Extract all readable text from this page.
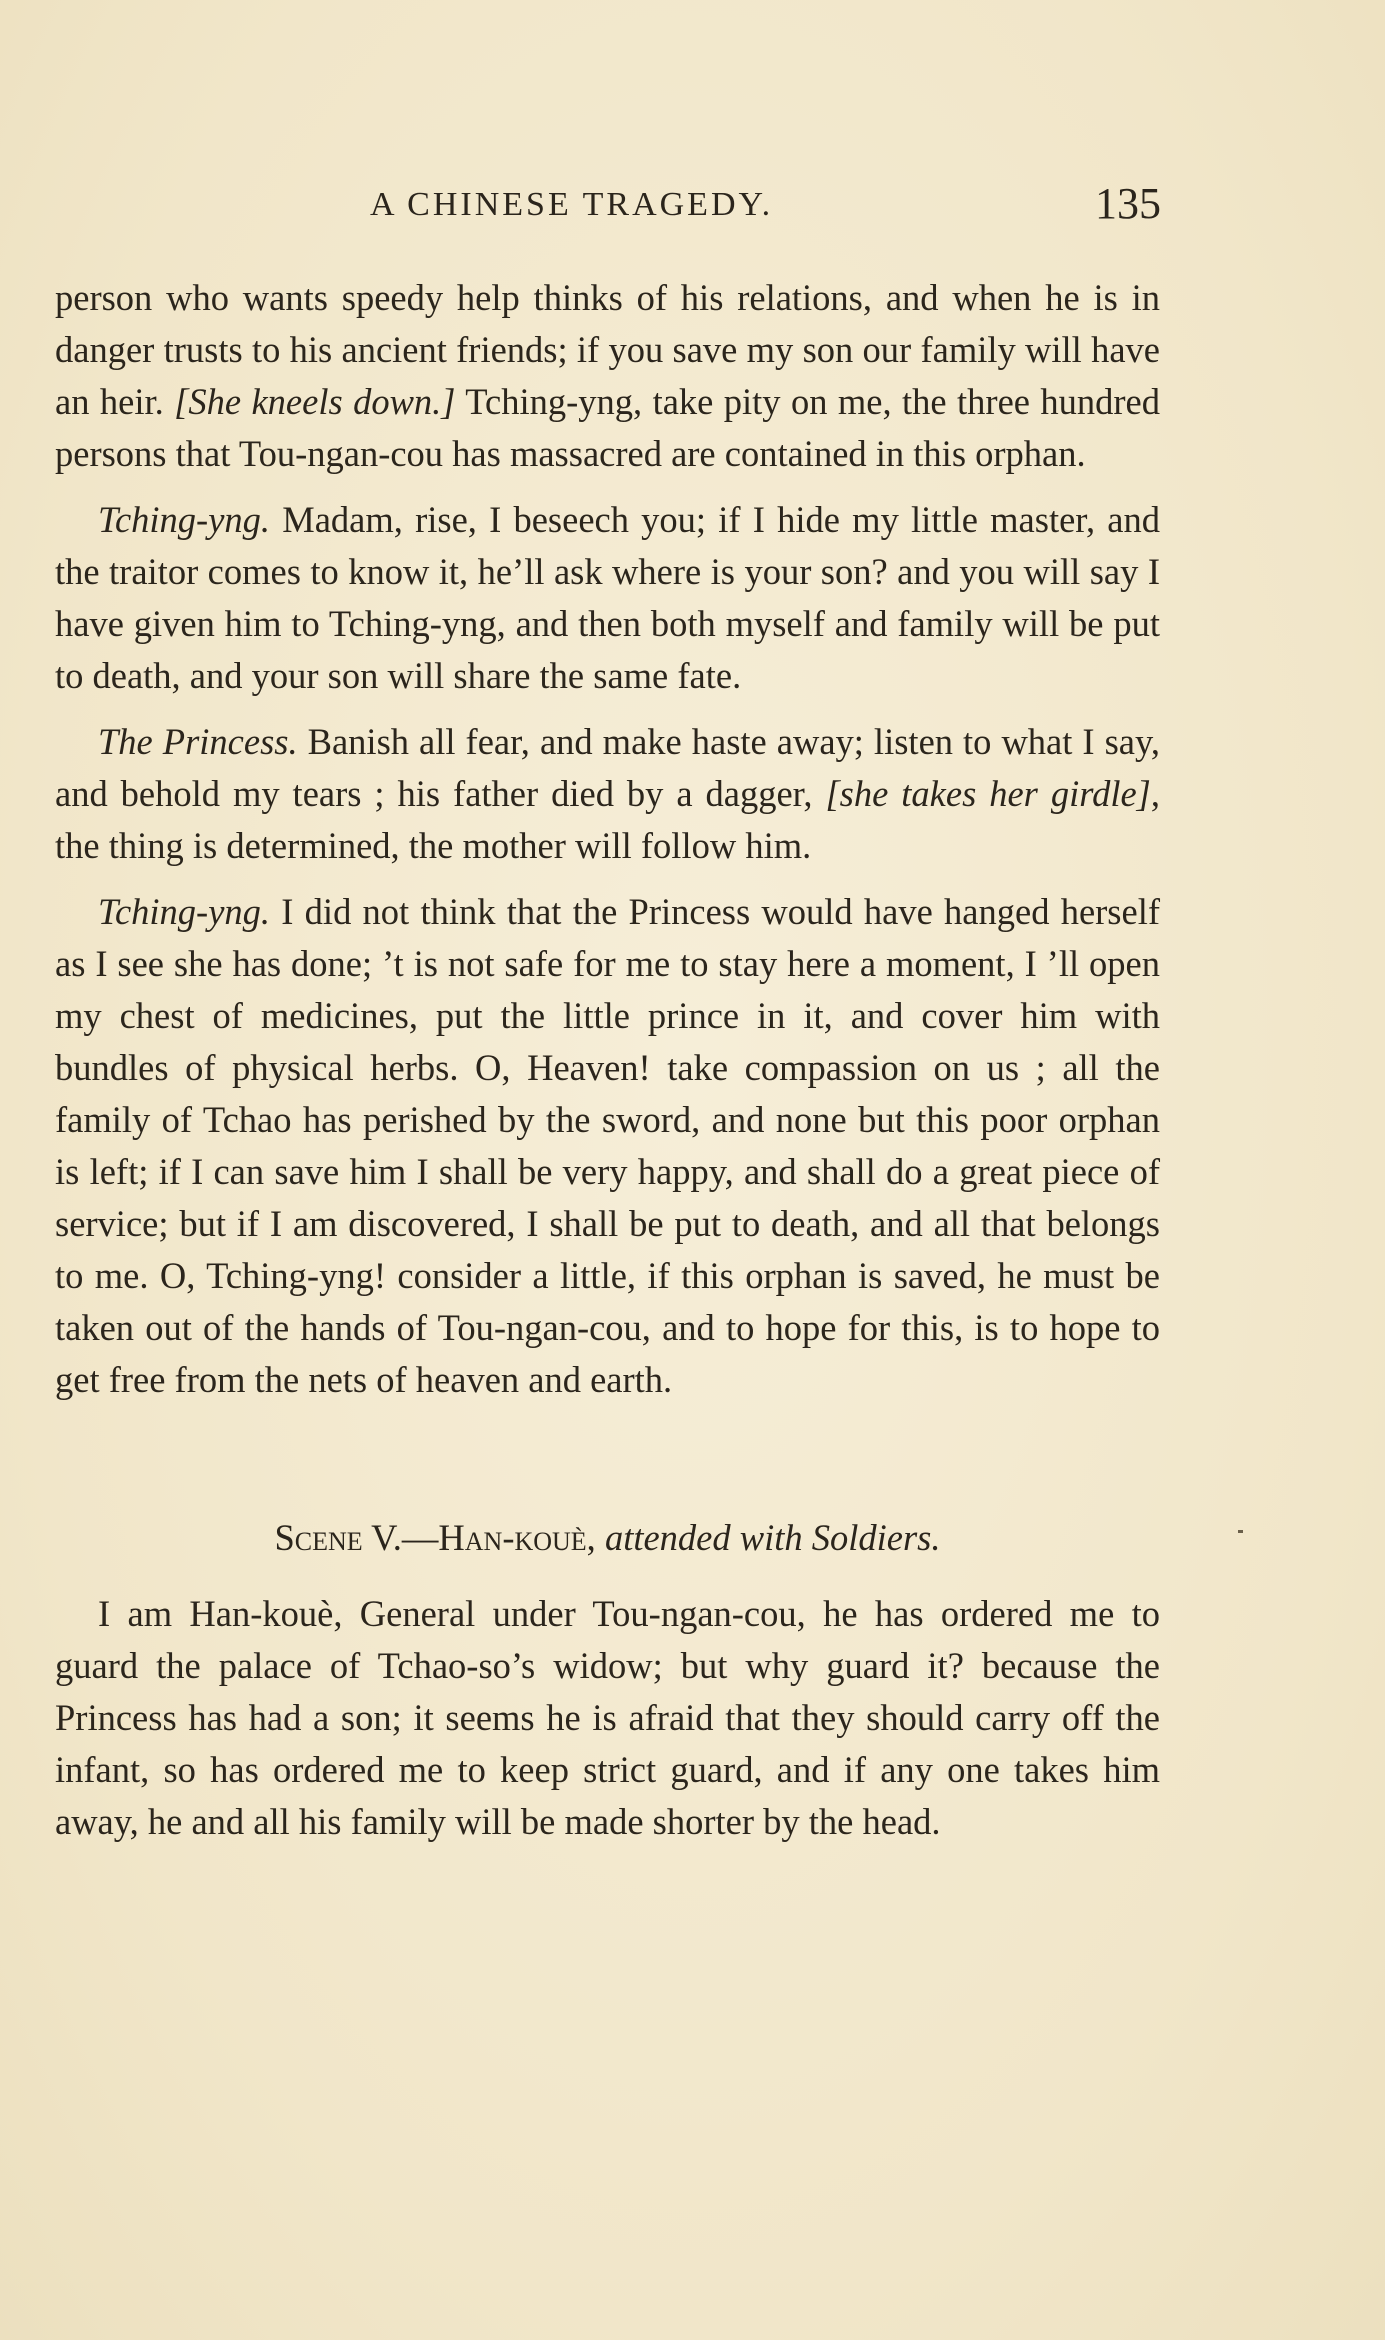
A CHINESE TRAGEDY.	135

person who wants speedy help thinks of his relations, and when he is in danger trusts to his ancient friends; if you save my son our family will have an heir. [She kneels down.] Tching-yng, take pity on me, the three hundred persons that Tou-ngan-cou has massacred are contained in this orphan.

Tching-yng. Madam, rise, I beseech you; if I hide my little master, and the traitor comes to know it, he’ll ask where is your son? and you will say I have given him to Tching-yng, and then both myself and family will be put to death, and your son will share the same fate.

The Princess. Banish all fear, and make haste away; listen to what I say, and behold my tears ; his father died by a dagger, [she takes her girdle], the thing is determined, the mother will follow him.

Tching-yng. I did not think that the Princess would have hanged herself as I see she has done; ’t is not safe for me to stay here a moment, I ’ll open my chest of medicines, put the little prince in it, and cover him with bundles of physical herbs. O, Heaven! take compassion on us ; all the family of Tchao has perished by the sword, and none but this poor orphan is left; if I can save him I shall be very happy, and shall do a great piece of service; but if I am discovered, I shall be put to death, and all that belongs to me. O, Tching-yng! consider a little, if this orphan is saved, he must be taken out of the hands of Tou-ngan-cou, and to hope for this, is to hope to get free from the nets of heaven and earth.

Scene V.—Han-kouè, attended with Soldiers.

I am Han-kouè, General under Tou-ngan-cou, he has ordered me to guard the palace of Tchao-so’s widow; but why guard it? because the Princess has had a son; it seems he is afraid that they should carry off the infant, so has ordered me to keep strict guard, and if any one takes him away, he and all his family will be made shorter by the head.
